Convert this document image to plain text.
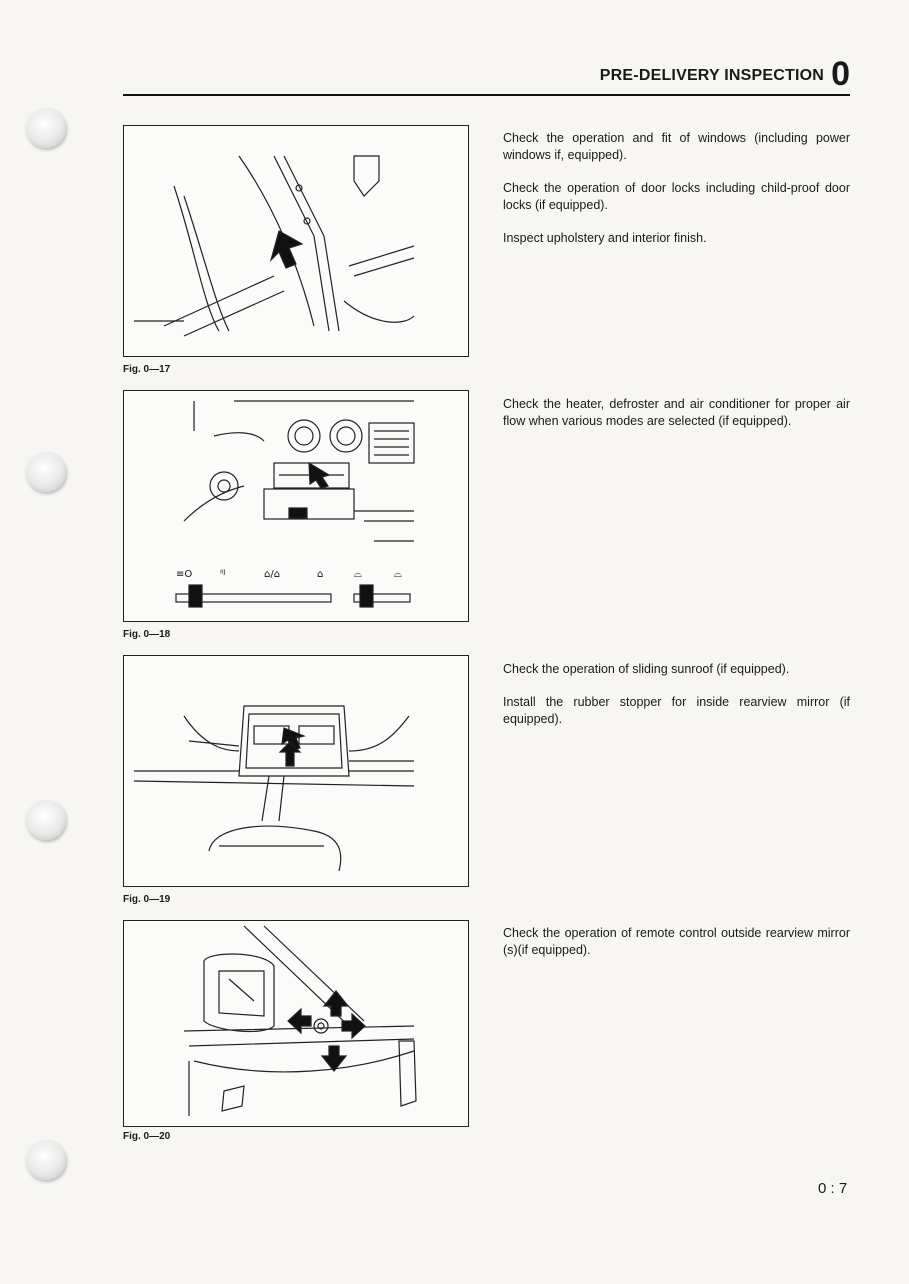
PRE-DELIVERY INSPECTION 0
Fig. 0—17
≡O	ᴵᴵᴶ	⌂/⌂	⌂	⌓	⌓
Fig. 0—18
Fig. 0—19
Fig. 0—20

Check the operation and fit of windows (including power windows if, equipped).

Check the operation of door locks including child-proof door locks (if equipped).

Inspect upholstery and interior finish.

Check the heater, defroster and air conditioner for proper air flow when various modes are selected (if equipped).

Check the operation of sliding sunroof (if equipped).

Install the rubber stopper for inside rearview mirror (if equipped).

Check the operation of remote control outside rearview mirror (s)(if equipped).

0 : 7
